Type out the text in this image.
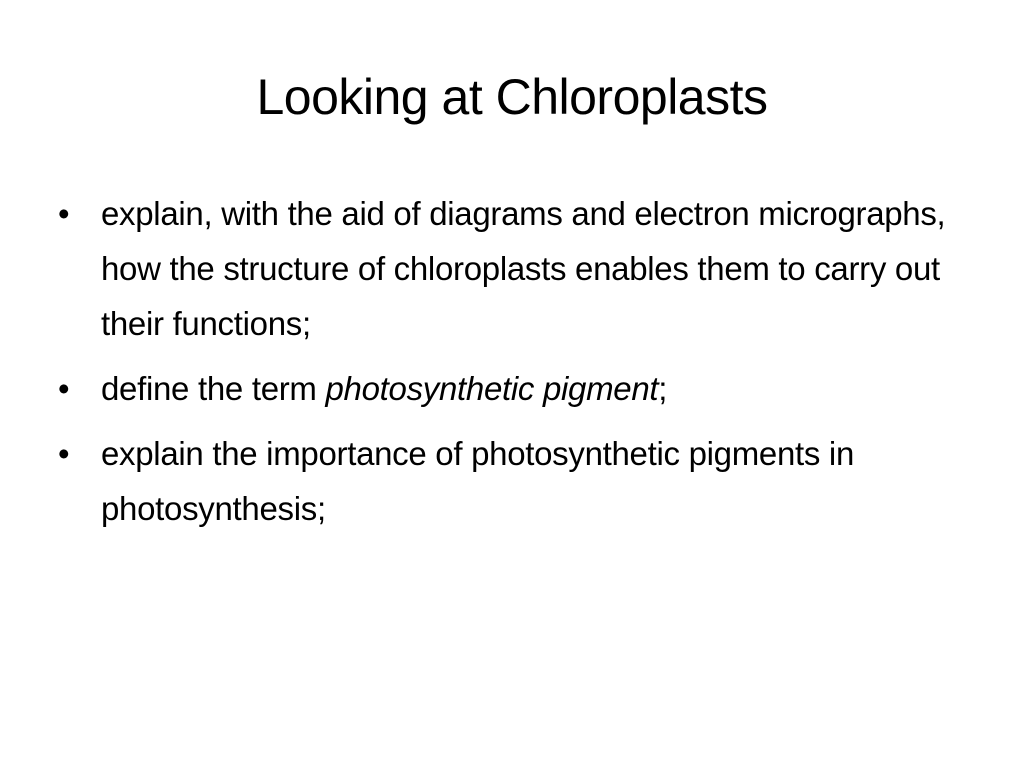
Looking at Chloroplasts
• explain, with the aid of diagrams and electron micrographs, how the structure of chloroplasts enables them to carry out their functions;
• define the term photosynthetic pigment;
• explain the importance of photosynthetic pigments in photosynthesis;
